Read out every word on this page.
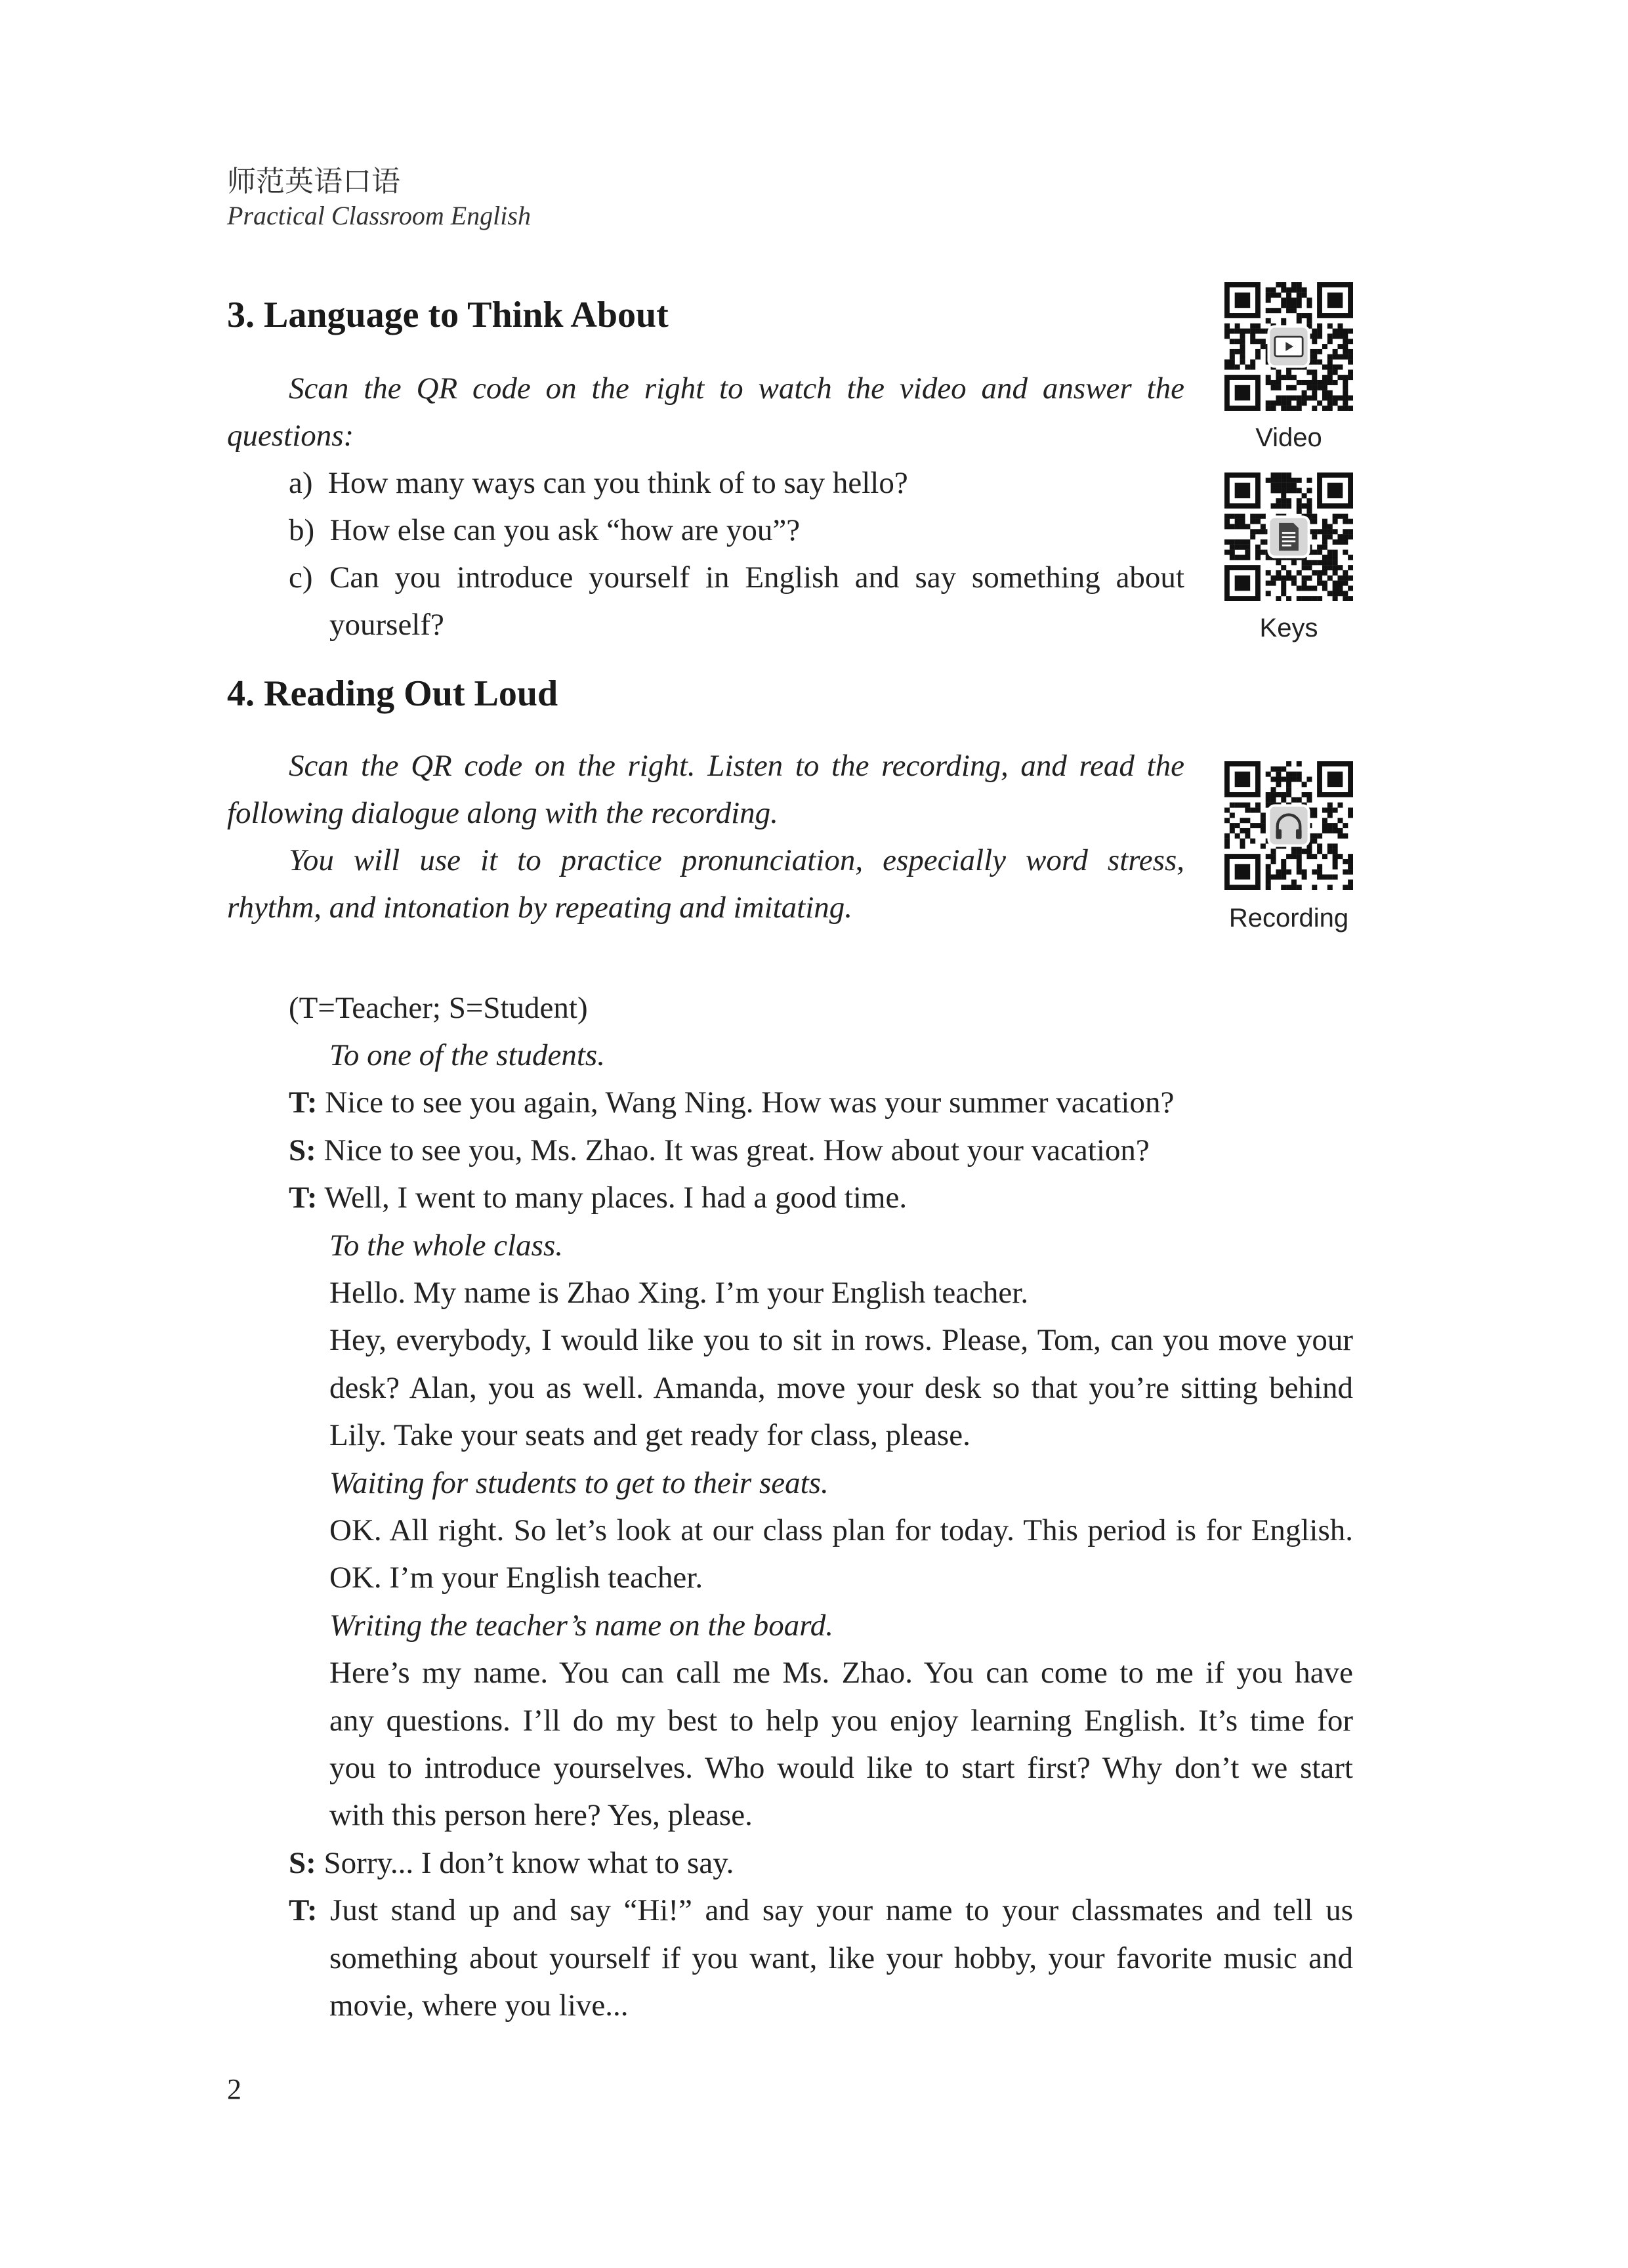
师范英语口语
Practical Classroom English
3. Language to Think About
Scan the QR code on the right to watch the video and answer the
questions:
a) How many ways can you think of to say hello?
b) How else can you ask “how are you”?
c) Can you introduce yourself in English and say something about
yourself?
4. Reading Out Loud
Scan the QR code on the right. Listen to the recording, and read the
following dialogue along with the recording.
You will use it to practice pronunciation, especially word stress,
rhythm, and intonation by repeating and imitating.
Video
Keys
Recording
(T=Teacher; S=Student)
To one of the students.
T: Nice to see you again, Wang Ning. How was your summer vacation?
S: Nice to see you, Ms. Zhao. It was great. How about your vacation?
T: Well, I went to many places. I had a good time.
To the whole class.
Hello. My name is Zhao Xing. I’m your English teacher.
Hey, everybody, I would like you to sit in rows. Please, Tom, can you move your
desk? Alan, you as well. Amanda, move your desk so that you’re sitting behind
Lily. Take your seats and get ready for class, please.
Waiting for students to get to their seats.
OK. All right. So let’s look at our class plan for today. This period is for English.
OK. I’m your English teacher.
Writing the teacher’s name on the board.
Here’s my name. You can call me Ms. Zhao. You can come to me if you have
any questions. I’ll do my best to help you enjoy learning English. It’s time for
you to introduce yourselves. Who would like to start first? Why don’t we start
with this person here? Yes, please.
S: Sorry... I don’t know what to say.
T: Just stand up and say “Hi!” and say your name to your classmates and tell us
something about yourself if you want, like your hobby, your favorite music and
movie, where you live...
2
